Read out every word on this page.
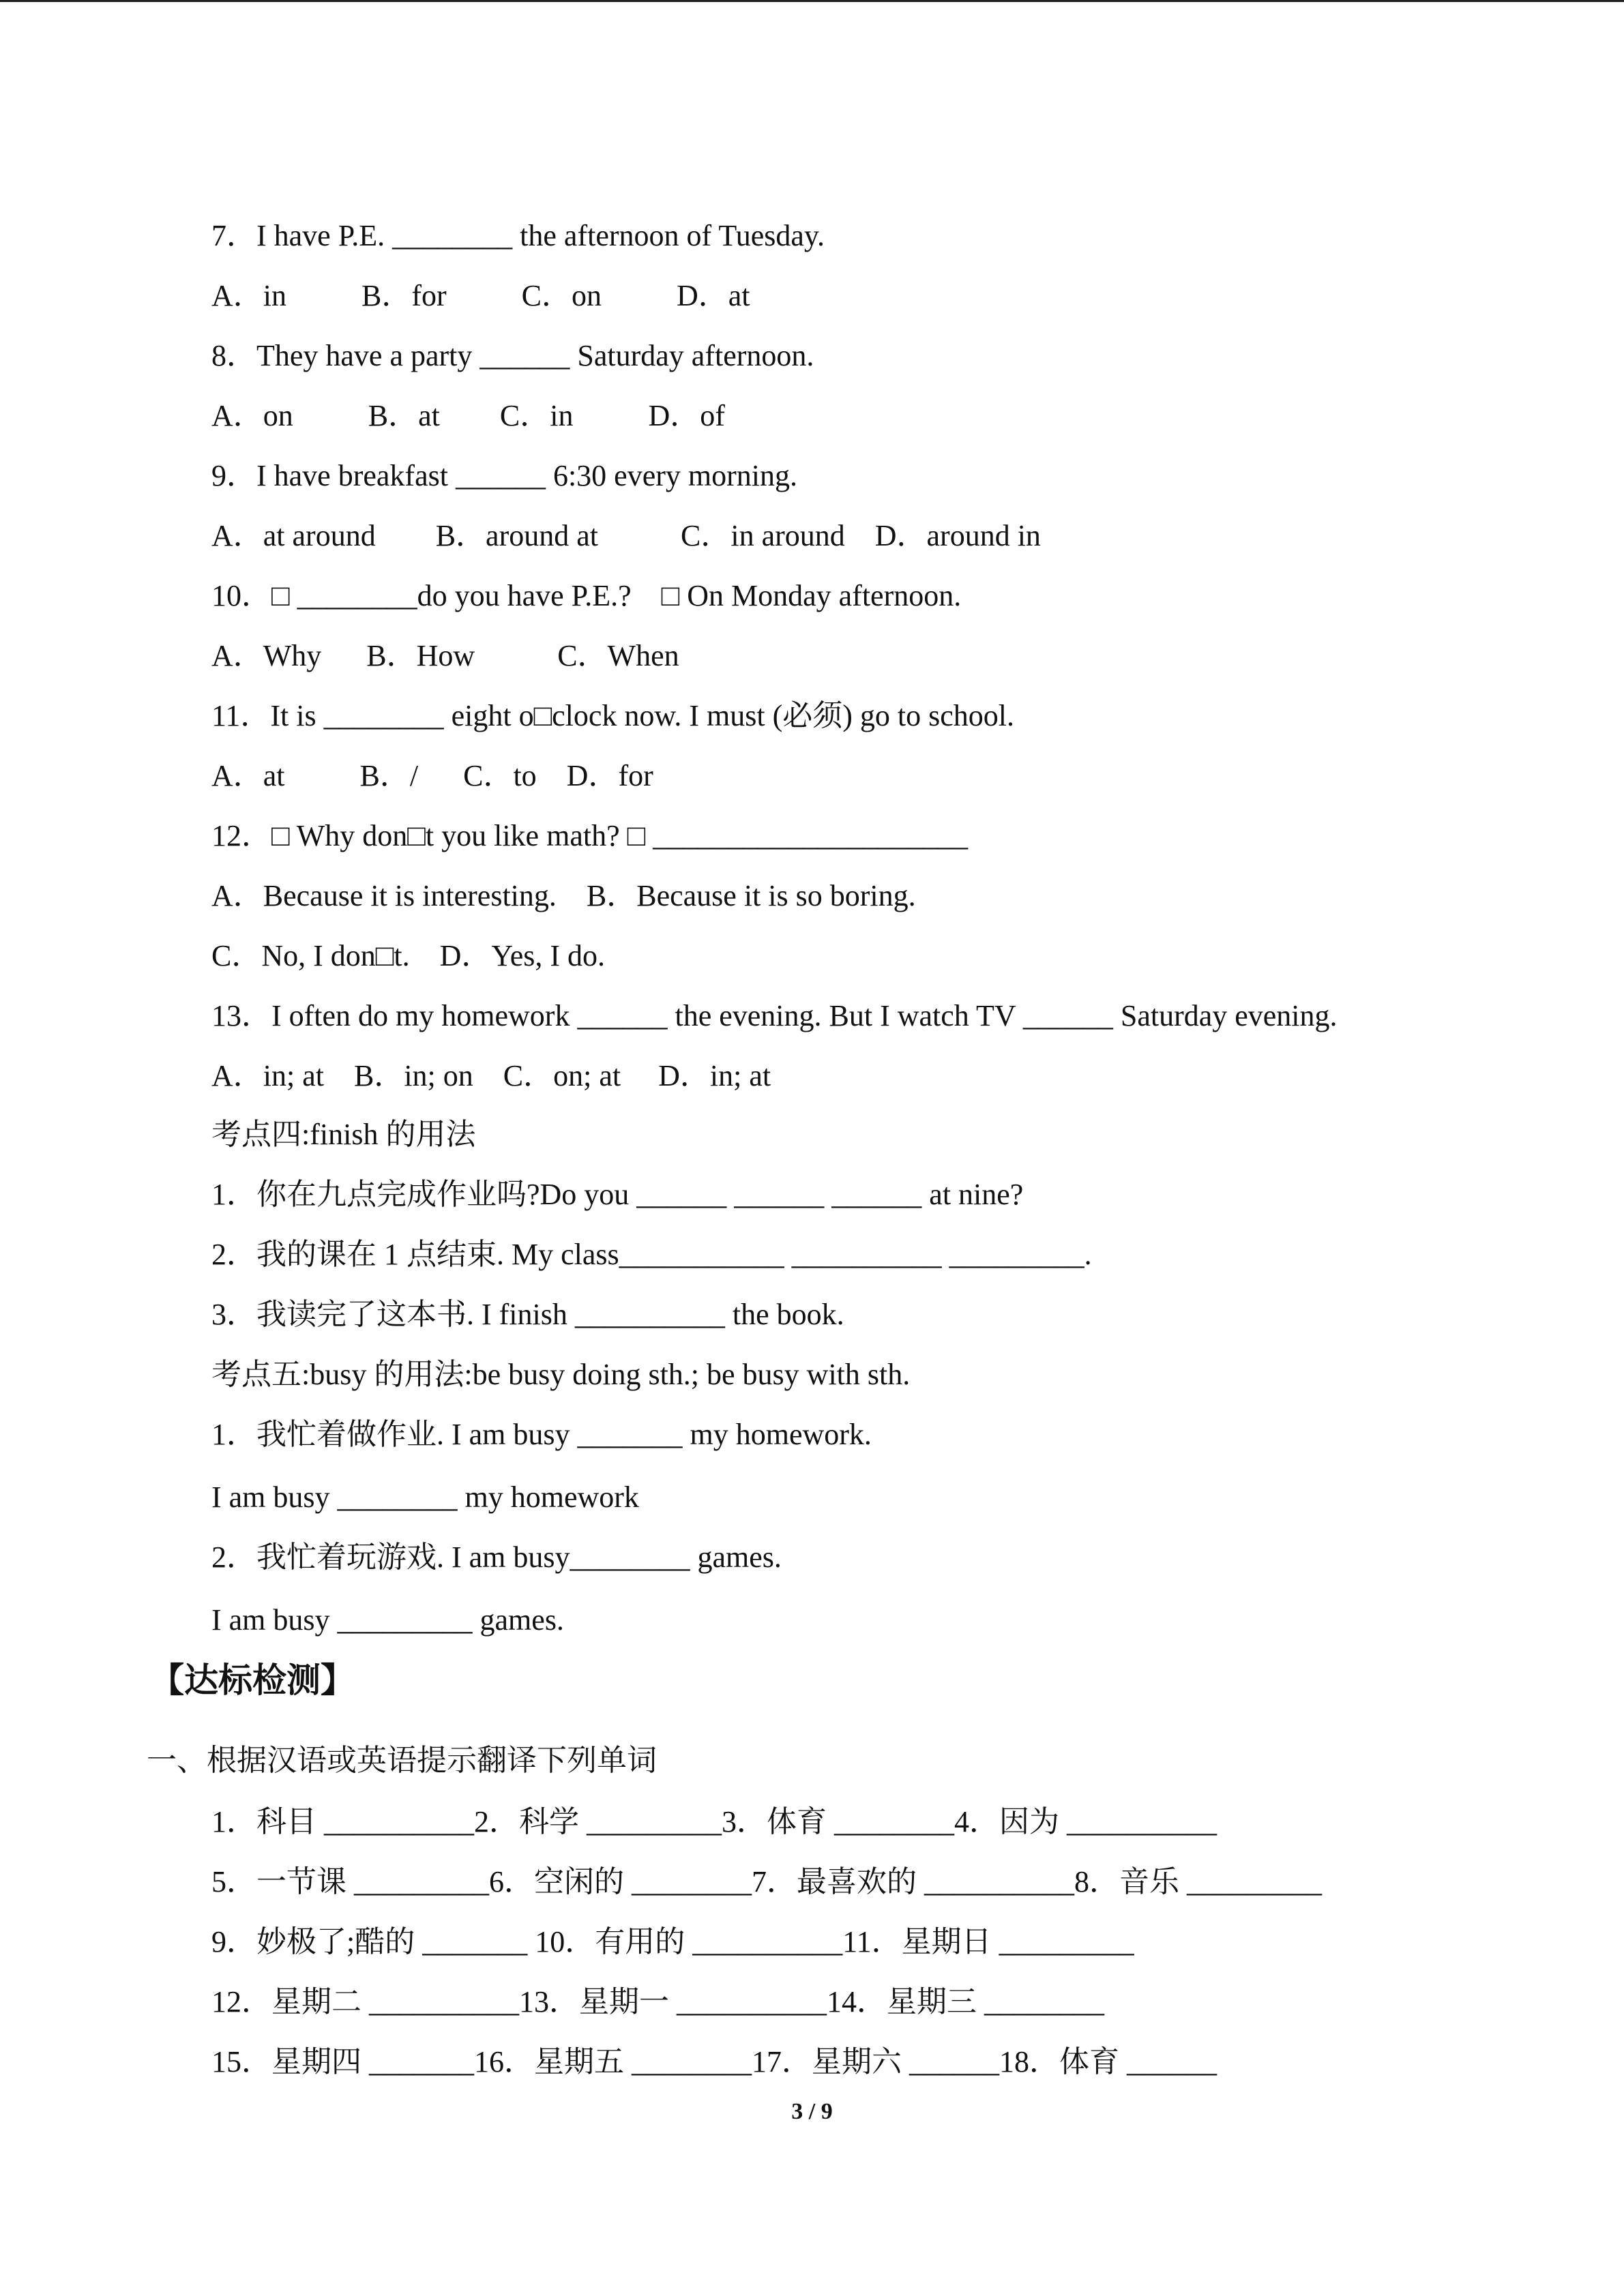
7．I have P.E. ________ the afternoon of Tuesday.
A．in          B．for          C．on          D．at
8．They have a party ______ Saturday afternoon.
A．on          B．at        C．in          D．of
9．I have breakfast ______ 6:30 every morning.
A．at around        B．around at           C．in around    D．around in
10．□ ________do you have P.E.?    □ On Monday afternoon.
A．Why      B．How           C．When
11．It is ________ eight o□clock now. I must (必须) go to school.
A．at          B．/      C．to    D．for
12．□ Why don□t you like math? □ _____________________
A．Because it is interesting.    B．Because it is so boring.
C．No, I don□t.    D．Yes, I do.
13．I often do my homework ______ the evening. But I watch TV ______ Saturday evening.
A．in; at    B．in; on    C．on; at     D．in; at
考点四:finish 的用法
1．你在九点完成作业吗?Do you ______ ______ ______ at nine?
2．我的课在 1 点结束. My class___________ __________ _________.
3．我读完了这本书. I finish __________ the book.
考点五:busy 的用法:be busy doing sth.; be busy with sth.
1．我忙着做作业. I am busy _______ my homework.
I am busy ________ my homework
2．我忙着玩游戏. I am busy________ games.
I am busy _________ games.
【达标检测】
一、根据汉语或英语提示翻译下列单词
1．科目 __________2．科学 _________3．体育 ________4．因为 __________
5．一节课 _________6．空闲的 ________7．最喜欢的 __________8．音乐 _________
9．妙极了;酷的 _______ 10．有用的 __________11．星期日 _________
12．星期二 __________13．星期一 __________14．星期三 ________
15．星期四 _______16．星期五 ________17．星期六 ______18．体育 ______
3 / 9
